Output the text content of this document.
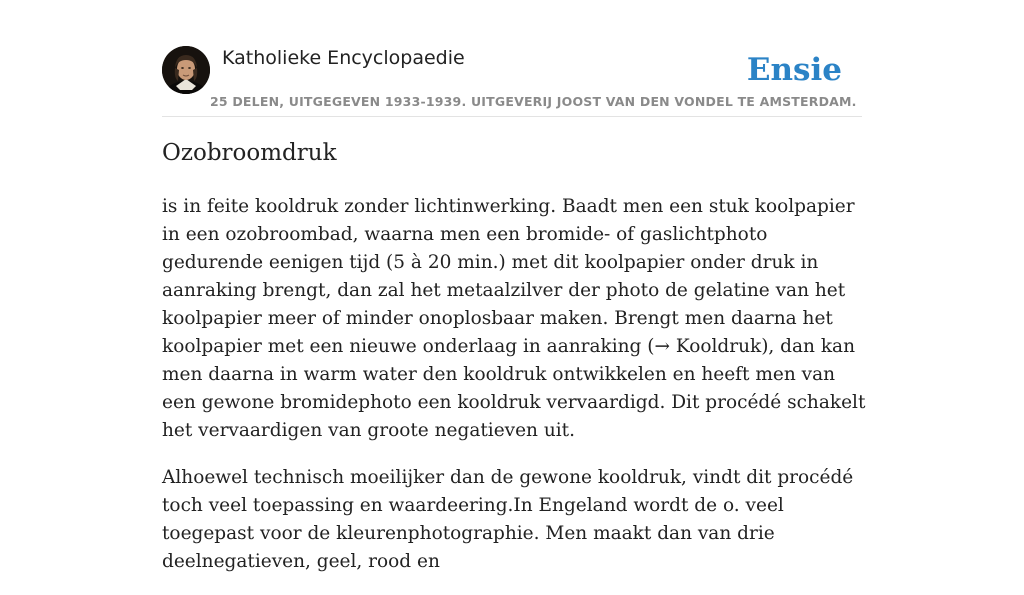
Katholieke Encyclopaedie
25 DELEN, UITGEGEVEN 1933-1939. UITGEVERIJ JOOST VAN DEN VONDEL TE AMSTERDAM.
Ensie
Ozobroomdruk

is in feite kooldruk zonder lichtinwerking. Baadt men een stuk koolpapier in een ozobroombad, waarna men een bromide- of gaslichtphoto gedurende eenigen tijd (5 à 20 min.) met dit koolpapier onder druk in aanraking brengt, dan zal het metaalzilver der photo de gelatine van het koolpapier meer of minder onoplosbaar maken. Brengt men daarna het koolpapier met een nieuwe onderlaag in aanraking (→ Kooldruk), dan kan men daarna in warm water den kooldruk ontwikkelen en heeft men van een gewone bromidephoto een kooldruk vervaardigd. Dit procédé schakelt het vervaardigen van groote negatieven uit.

Alhoewel technisch moeilijker dan de gewone kooldruk, vindt dit procédé toch veel toepassing en waardeering.In Engeland wordt de o. veel toegepast voor de kleurenphotographie. Men maakt dan van drie deelnegatieven, geel, rood en
